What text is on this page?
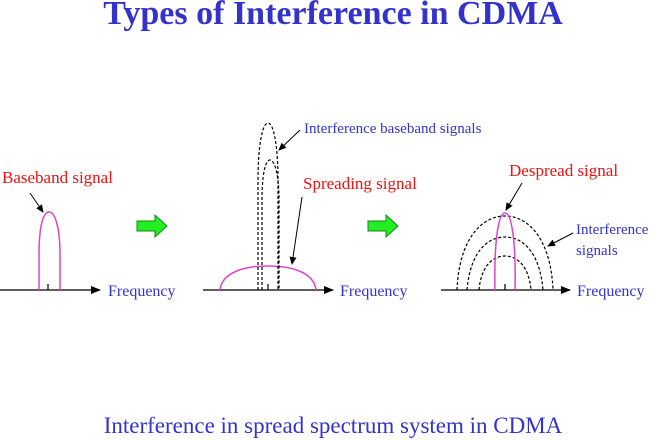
Types of Interference in CDMA
Baseband signal
Frequency
Interference baseband signals
Spreading signal
Frequency
Despread signal
Interference
signals
Frequency
Interference in spread spectrum system in CDMA
